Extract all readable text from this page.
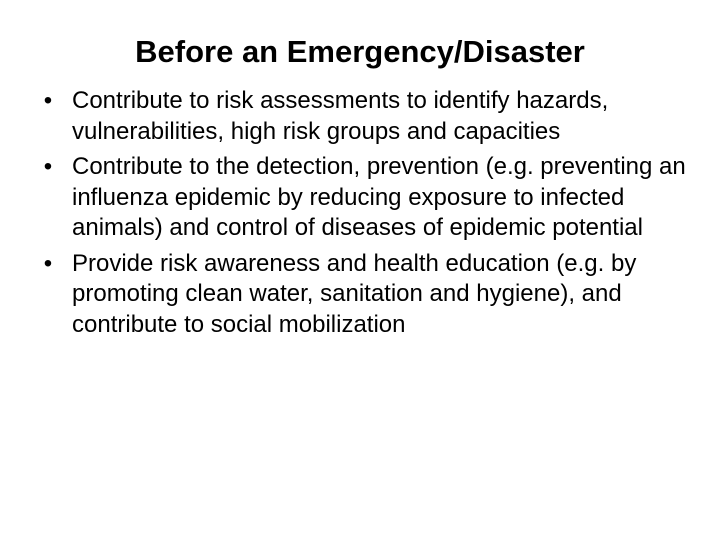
Before an Emergency/Disaster
• Contribute to risk assessments to identify hazards, vulnerabilities, high risk groups and capacities
• Contribute to the detection, prevention (e.g. preventing an influenza epidemic by reducing exposure to infected animals) and control of diseases of epidemic potential
• Provide risk awareness and health education (e.g. by promoting clean water, sanitation and hygiene), and contribute to social mobilization
